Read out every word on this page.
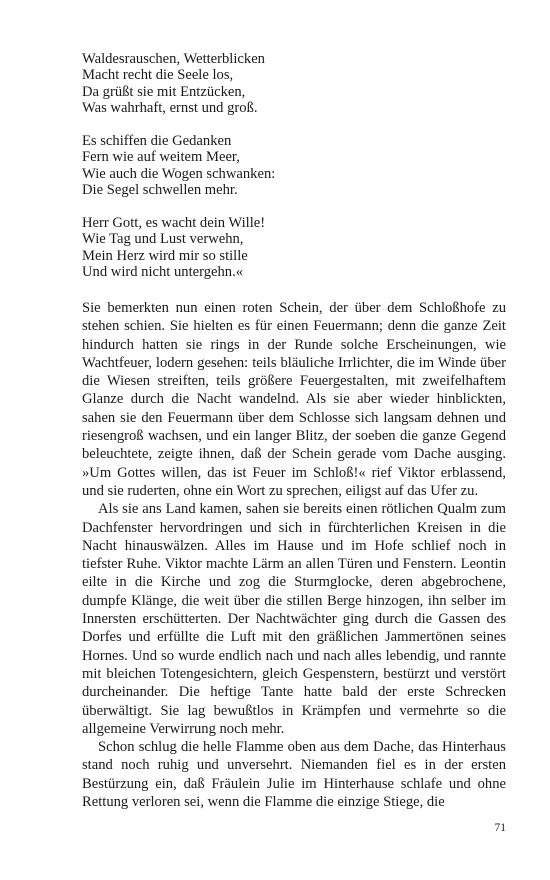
Waldesrauschen, Wetterblicken
Macht recht die Seele los,
Da grüßt sie mit Entzücken,
Was wahrhaft, ernst und groß.
Es schiffen die Gedanken
Fern wie auf weitem Meer,
Wie auch die Wogen schwanken:
Die Segel schwellen mehr.
Herr Gott, es wacht dein Wille!
Wie Tag und Lust verwehn,
Mein Herz wird mir so stille
Und wird nicht untergehn.«

Sie bemerkten nun einen roten Schein, der über dem Schloßhofe zu stehen schien. Sie hielten es für einen Feuermann; denn die ganze Zeit hindurch hatten sie rings in der Runde solche Erscheinungen, wie Wachtfeuer, lodern gesehen: teils bläuliche Irrlichter, die im Winde über die Wiesen streiften, teils größere Feuergestalten, mit zweifelhaftem Glanze durch die Nacht wandelnd. Als sie aber wieder hinblickten, sahen sie den Feuermann über dem Schlosse sich langsam dehnen und riesengroß wachsen, und ein langer Blitz, der soeben die ganze Gegend beleuchtete, zeigte ihnen, daß der Schein gerade vom Dache ausging. »Um Gottes willen, das ist Feuer im Schloß!« rief Viktor erblassend, und sie ruderten, ohne ein Wort zu sprechen, eiligst auf das Ufer zu.

Als sie ans Land kamen, sahen sie bereits einen rötlichen Qualm zum Dachfenster hervordringen und sich in fürchterlichen Kreisen in die Nacht hinauswälzen. Alles im Hause und im Hofe schlief noch in tiefster Ruhe. Viktor machte Lärm an allen Türen und Fenstern. Leontin eilte in die Kirche und zog die Sturmglocke, deren abgebrochene, dumpfe Klänge, die weit über die stillen Berge hinzogen, ihn selber im Innersten erschütterten. Der Nachtwächter ging durch die Gassen des Dorfes und erfüllte die Luft mit den gräßlichen Jammertönen seines Hornes. Und so wurde endlich nach und nach alles lebendig, und rannte mit bleichen Totengesichtern, gleich Gespenstern, bestürzt und verstört durcheinander. Die heftige Tante hatte bald der erste Schrecken überwältigt. Sie lag bewußtlos in Krämpfen und vermehrte so die allgemeine Verwirrung noch mehr.

Schon schlug die helle Flamme oben aus dem Dache, das Hinterhaus stand noch ruhig und unversehrt. Niemanden fiel es in der ersten Bestürzung ein, daß Fräulein Julie im Hinterhause schlafe und ohne Rettung verloren sei, wenn die Flamme die einzige Stiege, die

71
